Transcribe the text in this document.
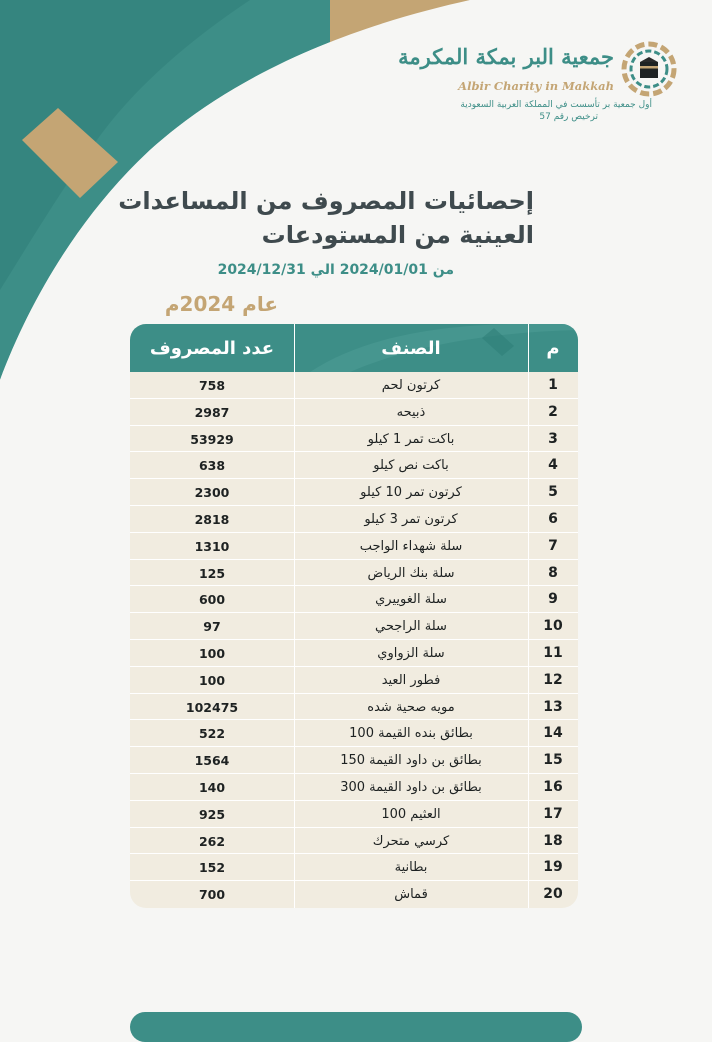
جمعية البر بمكة المكرمة
Albir Charity in Makkah
أول جمعية بر تأسست في المملكة العربية السعودية
ترخيص رقم 57
إحصائيات المصروف من المساعدات
العينية من المستودعات
من 2024/01/01 الي 2024/12/31
عام 2024م
م
الصنف
عدد المصروف
1
كرتون لحم
758
2
ذبيحه
2987
3
باكت تمر 1 كيلو
53929
4
باكت نص كيلو
638
5
كرتون تمر 10 كيلو
2300
6
كرتون تمر 3 كيلو
2818
7
سلة شهداء الواجب
1310
8
سلة بنك الرياض
125
9
سلة الغوييري
600
10
سلة الراجحي
97
11
سلة الزواوي
100
12
فطور العيد
100
13
مويه صحية شده
102475
14
بطائق بنده القيمة 100
522
15
بطائق بن داود القيمة 150
1564
16
بطائق بن داود القيمة 300
140
17
العثيم 100
925
18
كرسي متحرك
262
19
بطانية
152
20
قماش
700
